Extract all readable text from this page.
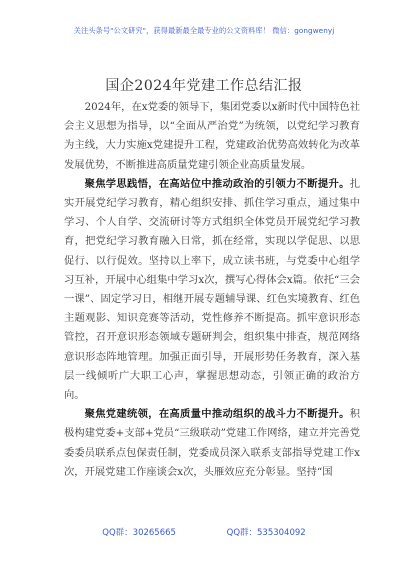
关注头条号"公文研究"，获得最新最全最专业的公文资料库！ 微信：gongwenyj
国企2024年党建工作总结汇报

2024年，在x党委的领导下，集团党委以x新时代中国特色社会主义思想为指导，以“全面从严治党”为统领，以党纪学习教育为主线，大力实施x党建提升工程，党建政治优势高效转化为改革发展优势，不断推进高质量党建引领企业高质量发展。

聚焦学思践悟，在高站位中推动政治的引领力不断提升。扎实开展党纪学习教育，精心组织安排、抓住学习重点，通过集中学习、个人自学、交流研讨等方式组织全体党员开展党纪学习教育，把党纪学习教育融入日常，抓在经常，实现以学促思、以思促行、以行促效。坚持以上率下，成立读书班，与党委中心组学习互补，开展中心组集中学习x次，撰写心得体会x篇。依托“三会一课”、固定学习日，相继开展专题辅导课、红色实境教育、红色主题观影、知识竞赛等活动，党性修养不断提高。抓牢意识形态管控，召开意识形态领域专题研判会，组织集中排查，规范网络意识形态阵地管理。加强正面引导，开展形势任务教育，深入基层一线倾听广大职工心声，掌握思想动态，引领正确的政治方向。

聚焦党建统领，在高质量中推动组织的战斗力不断提升。积极构建党委+支部+党员“三级联动”党建工作网络，建立并完善党委委员联系点包保责任制，党委成员深入联系支部指导党建工作x次，开展党建工作座谈会x次，头雁效应充分彰显。坚持“国

QQ群：30265665	QQ群：535304092
